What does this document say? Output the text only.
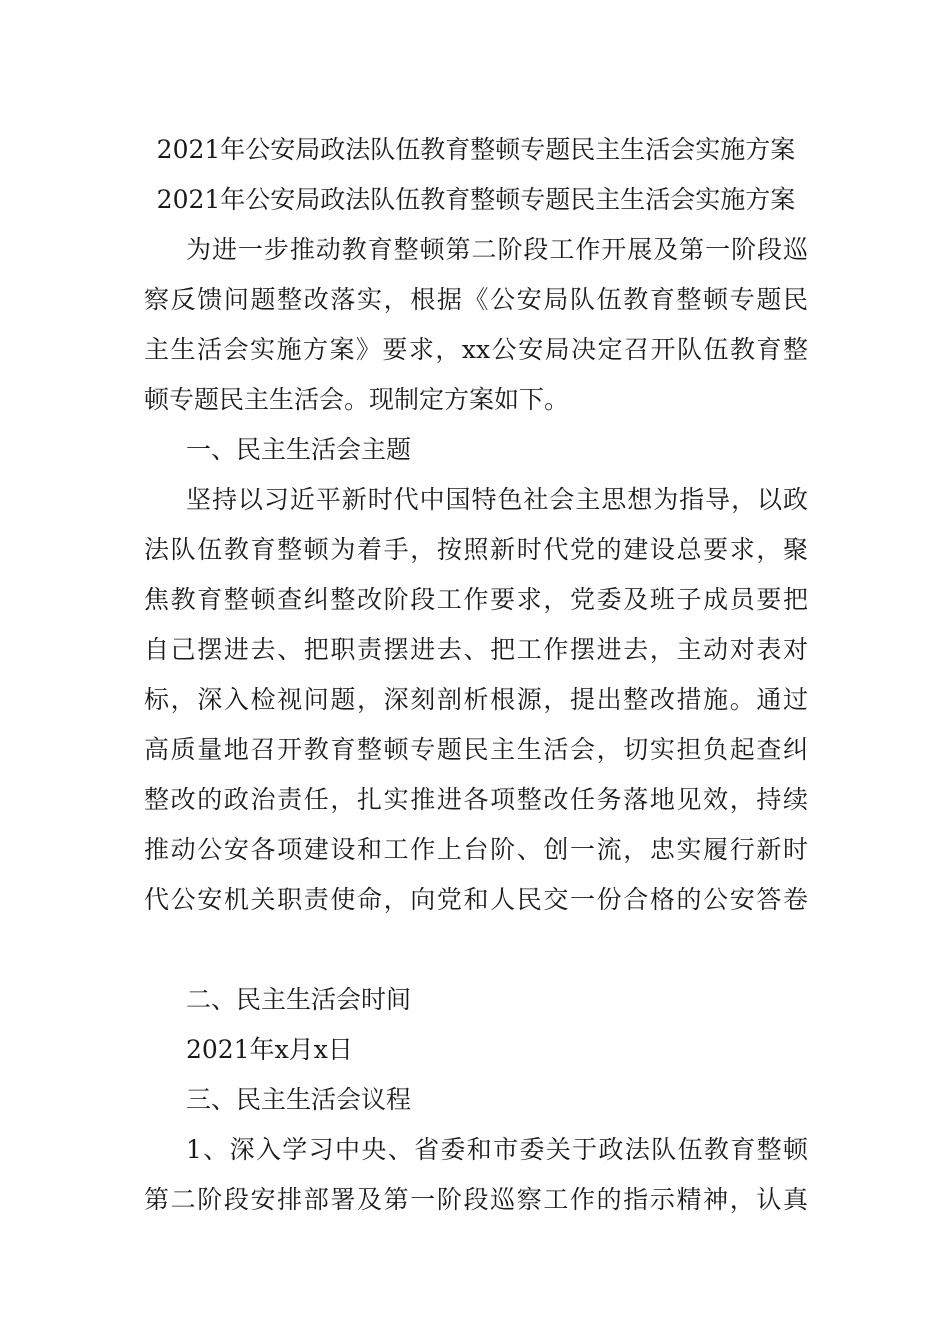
2021年公安局政法队伍教育整顿专题民主生活会实施方案
2021年公安局政法队伍教育整顿专题民主生活会实施方案
为进一步推动教育整顿第二阶段工作开展及第一阶段巡
察反馈问题整改落实，根据《公安局队伍教育整顿专题民
主生活会实施方案》要求，xx公安局决定召开队伍教育整
顿专题民主生活会。现制定方案如下。
一、民主生活会主题
坚持以习近平新时代中国特色社会主思想为指导，以政
法队伍教育整顿为着手，按照新时代党的建设总要求，聚
焦教育整顿查纠整改阶段工作要求，党委及班子成员要把
自己摆进去、把职责摆进去、把工作摆进去，主动对表对
标，深入检视问题，深刻剖析根源，提出整改措施。通过
高质量地召开教育整顿专题民主生活会，切实担负起查纠
整改的政治责任，扎实推进各项整改任务落地见效，持续
推动公安各项建设和工作上台阶、创一流，忠实履行新时
代公安机关职责使命，向党和人民交一份合格的公安答卷
二、民主生活会时间
2021年x月x日
三、民主生活会议程
1、深入学习中央、省委和市委关于政法队伍教育整顿
第二阶段安排部署及第一阶段巡察工作的指示精神，认真
